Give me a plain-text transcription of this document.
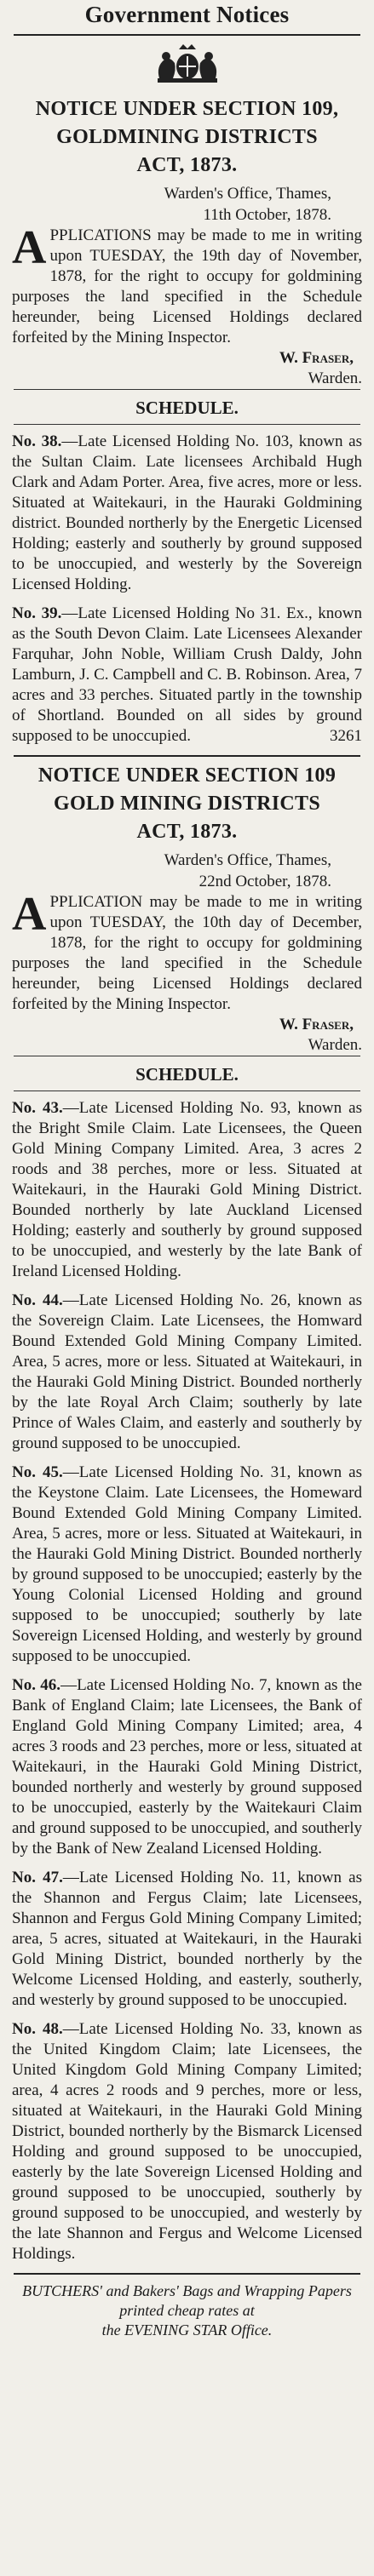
Government Notices
NOTICE UNDER SECTION 109,
GOLDMINING DISTRICTS
ACT, 1873.
Warden's Office, Thames,
11th October, 1878.
APPLICATIONS may be made to me in writing upon TUESDAY, the 19th day of November, 1878, for the right to occupy for goldmining purposes the land specified in the Schedule hereunder, being Licensed Holdings declared forfeited by the Mining Inspector.
W. Fraser,
Warden.
SCHEDULE.
No. 38.—Late Licensed Holding No. 103, known as the Sultan Claim. Late licensees Archibald Hugh Clark and Adam Porter. Area, five acres, more or less. Situated at Waitekauri, in the Hauraki Goldmining district. Bounded northerly by the Energetic Licensed Holding; easterly and southerly by ground supposed to be unoccupied, and westerly by the Sovereign Licensed Holding.
No. 39.—Late Licensed Holding No 31. Ex., known as the South Devon Claim. Late Licensees Alexander Farquhar, John Noble, William Crush Daldy, John Lamburn, J. C. Campbell and C. B. Robinson. Area, 7 acres and 33 perches. Situated partly in the township of Shortland. Bounded on all sides by ground supposed to be unoccupied.	3261
NOTICE UNDER SECTION 109
GOLD MINING DISTRICTS
ACT, 1873.
Warden's Office, Thames,
22nd October, 1878.
APPLICATION may be made to me in writing upon TUESDAY, the 10th day of December, 1878, for the right to occupy for goldmining purposes the land specified in the Schedule hereunder, being Licensed Holdings declared forfeited by the Mining Inspector.
W. Fraser,
Warden.
SCHEDULE.
No. 43.—Late Licensed Holding No. 93, known as the Bright Smile Claim. Late Licensees, the Queen Gold Mining Company Limited. Area, 3 acres 2 roods and 38 perches, more or less. Situated at Waitekauri, in the Hauraki Gold Mining District. Bounded northerly by late Auckland Licensed Holding; easterly and southerly by ground supposed to be unoccupied, and westerly by the late Bank of Ireland Licensed Holding.
No. 44.—Late Licensed Holding No. 26, known as the Sovereign Claim. Late Licensees, the Homward Bound Extended Gold Mining Company Limited. Area, 5 acres, more or less. Situated at Waitekauri, in the Hauraki Gold Mining District. Bounded northerly by the late Royal Arch Claim; southerly by late Prince of Wales Claim, and easterly and southerly by ground supposed to be unoccupied.
No. 45.—Late Licensed Holding No. 31, known as the Keystone Claim. Late Licensees, the Homeward Bound Extended Gold Mining Company Limited. Area, 5 acres, more or less. Situated at Waitekauri, in the Hauraki Gold Mining District. Bounded northerly by ground supposed to be unoccupied; easterly by the Young Colonial Licensed Holding and ground supposed to be unoccupied; southerly by late Sovereign Licensed Holding, and westerly by ground supposed to be unoccupied.
No. 46.—Late Licensed Holding No. 7, known as the Bank of England Claim; late Licensees, the Bank of England Gold Mining Company Limited; area, 4 acres 3 roods and 23 perches, more or less, situated at Waitekauri, in the Hauraki Gold Mining District, bounded northerly and westerly by ground supposed to be unoccupied, easterly by the Waitekauri Claim and ground supposed to be unoccupied, and southerly by the Bank of New Zealand Licensed Holding.
No. 47.—Late Licensed Holding No. 11, known as the Shannon and Fergus Claim; late Licensees, Shannon and Fergus Gold Mining Company Limited; area, 5 acres, situated at Waitekauri, in the Hauraki Gold Mining District, bounded northerly by the Welcome Licensed Holding, and easterly, southerly, and westerly by ground supposed to be unoccupied.
No. 48.—Late Licensed Holding No. 33, known as the United Kingdom Claim; late Licensees, the United Kingdom Gold Mining Company Limited; area, 4 acres 2 roods and 9 perches, more or less, situated at Waitekauri, in the Hauraki Gold Mining District, bounded northerly by the Bismarck Licensed Holding and ground supposed to be unoccupied, easterly by the late Sovereign Licensed Holding and ground supposed to be unoccupied, southerly by ground supposed to be unoccupied, and westerly by the late Shannon and Fergus and Welcome Licensed Holdings.
BUTCHERS' and Bakers' Bags and Wrapping Papers printed cheap rates at
the EVENING STAR Office.
